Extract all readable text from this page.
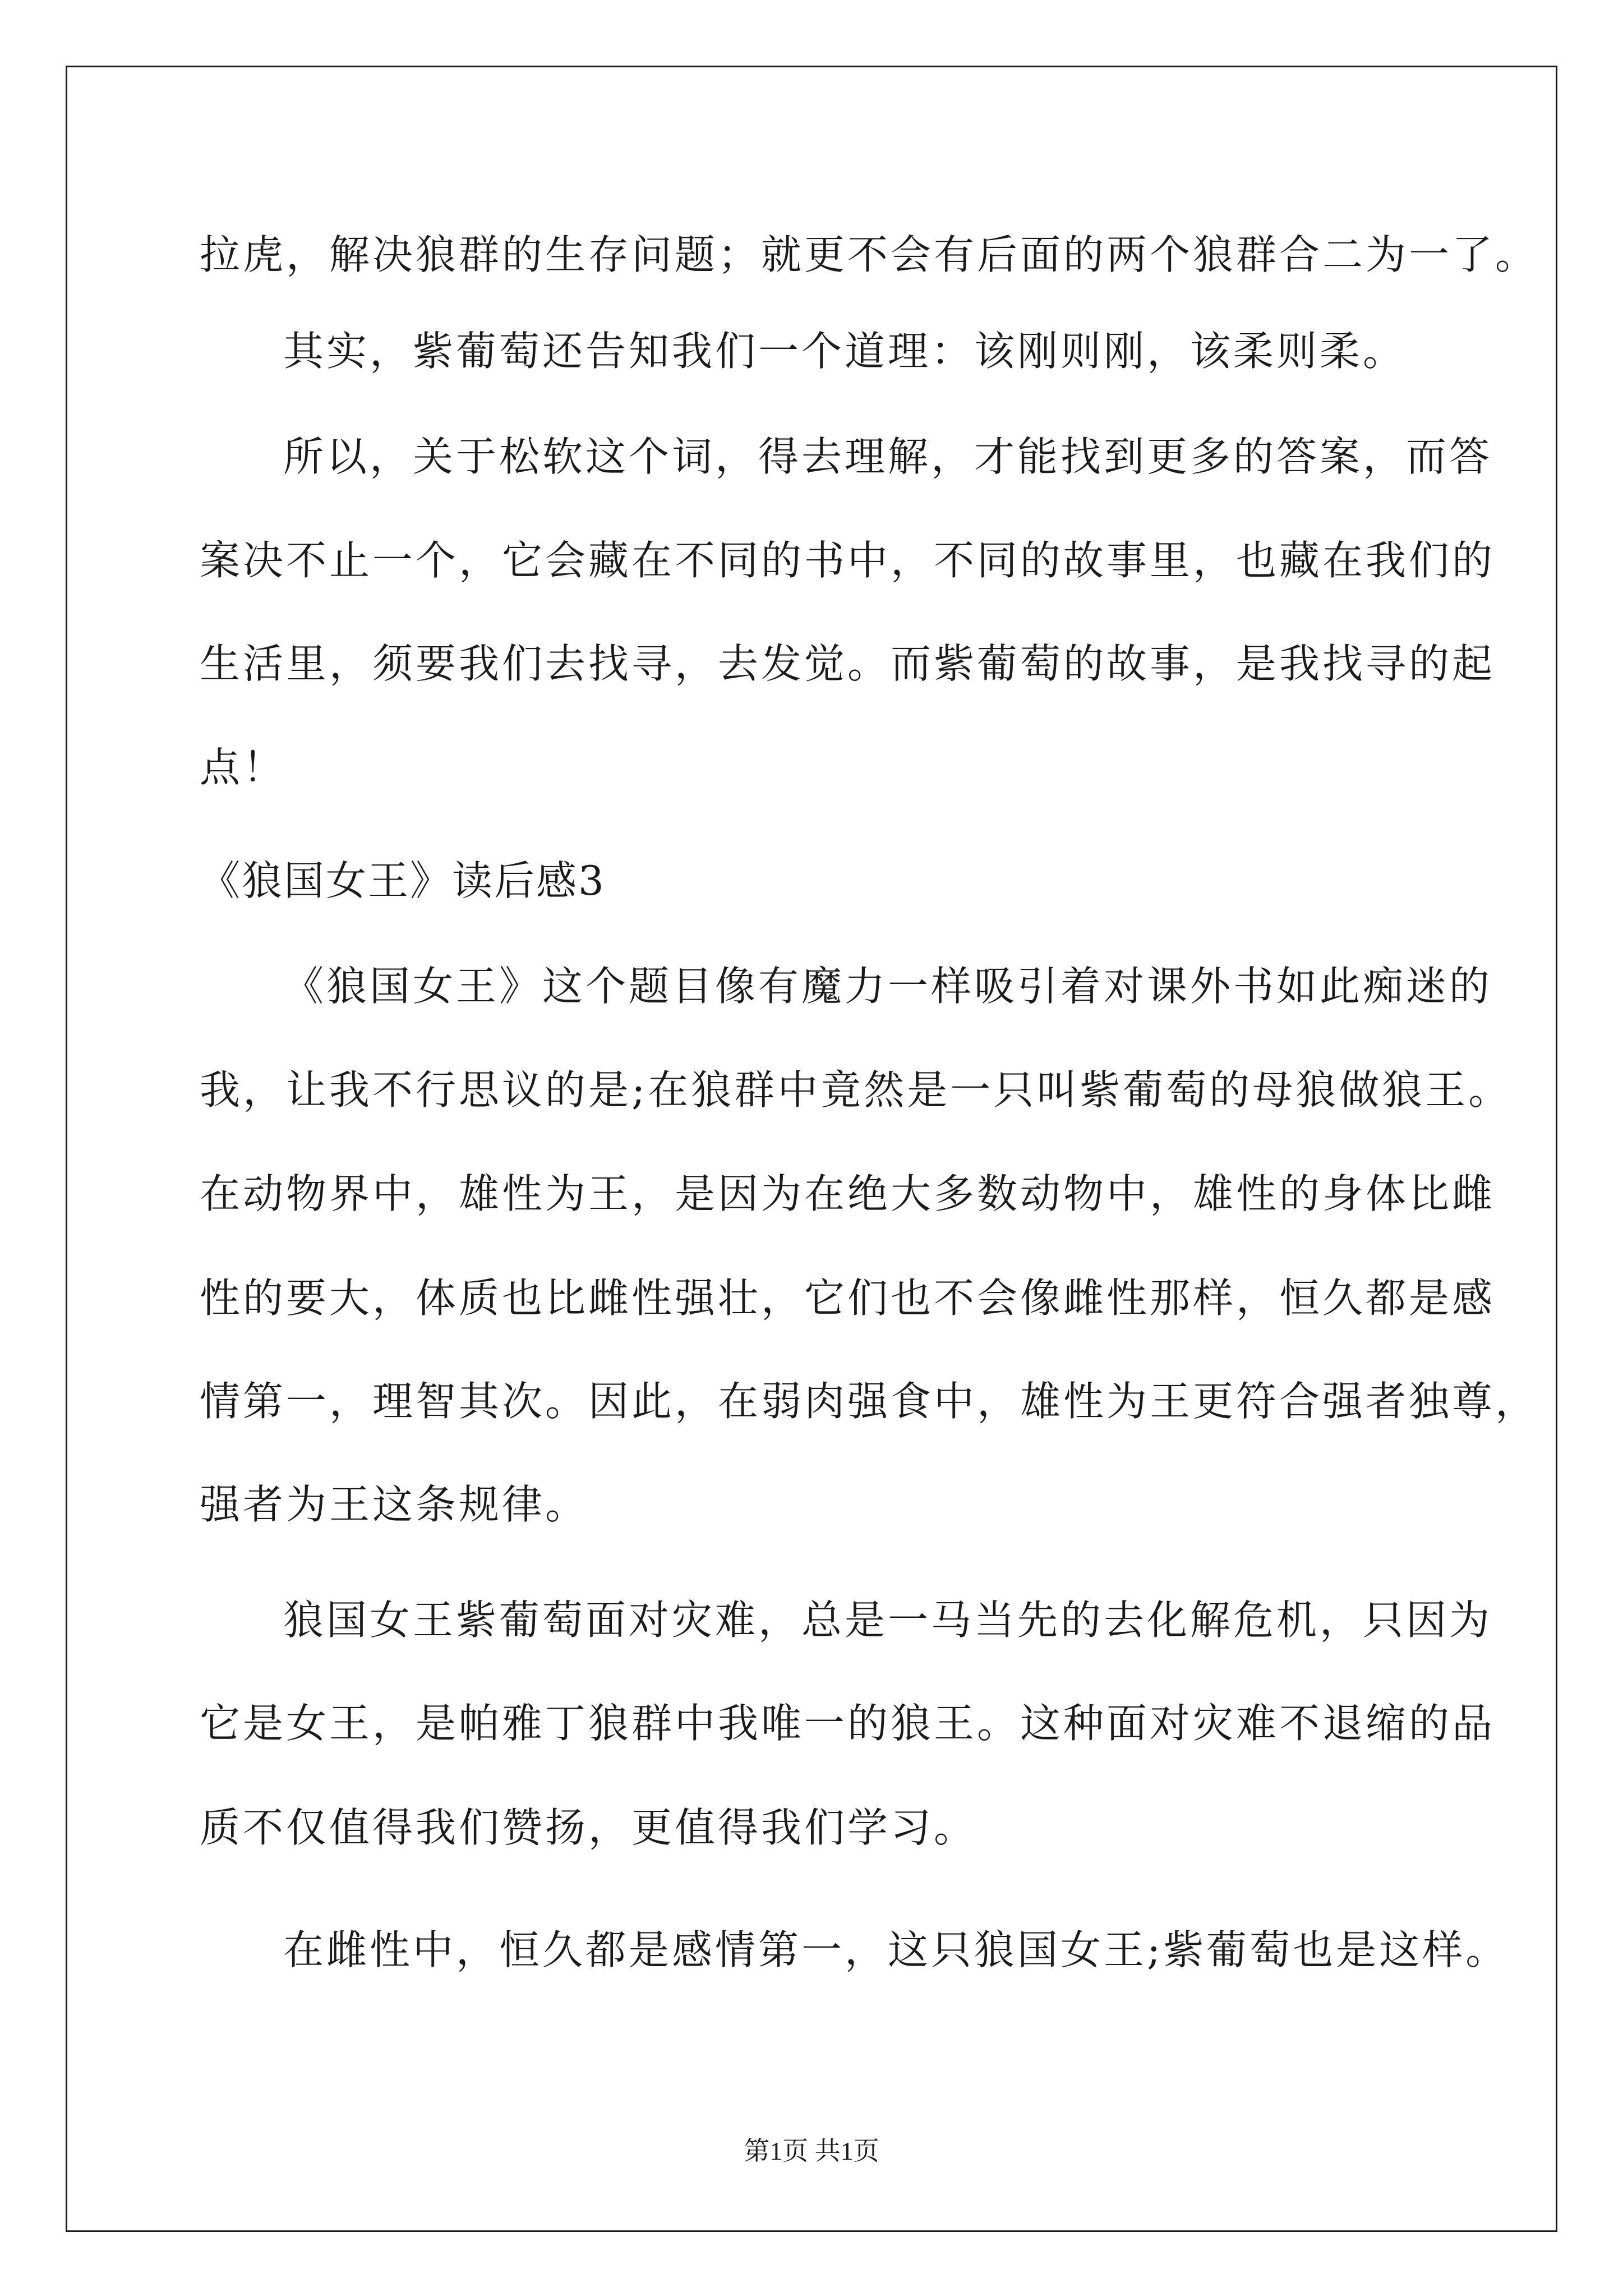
拉虎，解决狼群的生存问题；就更不会有后面的两个狼群合二为一了。
其实，紫葡萄还告知我们一个道理：该刚则刚，该柔则柔。
所以，关于松软这个词，得去理解，才能找到更多的答案，而答
案决不止一个，它会藏在不同的书中，不同的故事里，也藏在我们的
生活里，须要我们去找寻，去发觉。而紫葡萄的故事，是我找寻的起
点！
《狼国女王》读后感3
《狼国女王》这个题目像有魔力一样吸引着对课外书如此痴迷的
我，让我不行思议的是;在狼群中竟然是一只叫紫葡萄的母狼做狼王。
在动物界中，雄性为王，是因为在绝大多数动物中，雄性的身体比雌
性的要大，体质也比雌性强壮，它们也不会像雌性那样，恒久都是感
情第一，理智其次。因此，在弱肉强食中，雄性为王更符合强者独尊，
强者为王这条规律。
狼国女王紫葡萄面对灾难，总是一马当先的去化解危机，只因为
它是女王，是帕雅丁狼群中我唯一的狼王。这种面对灾难不退缩的品
质不仅值得我们赞扬，更值得我们学习。
在雌性中，恒久都是感情第一，这只狼国女王;紫葡萄也是这样。
第1页 共1页
